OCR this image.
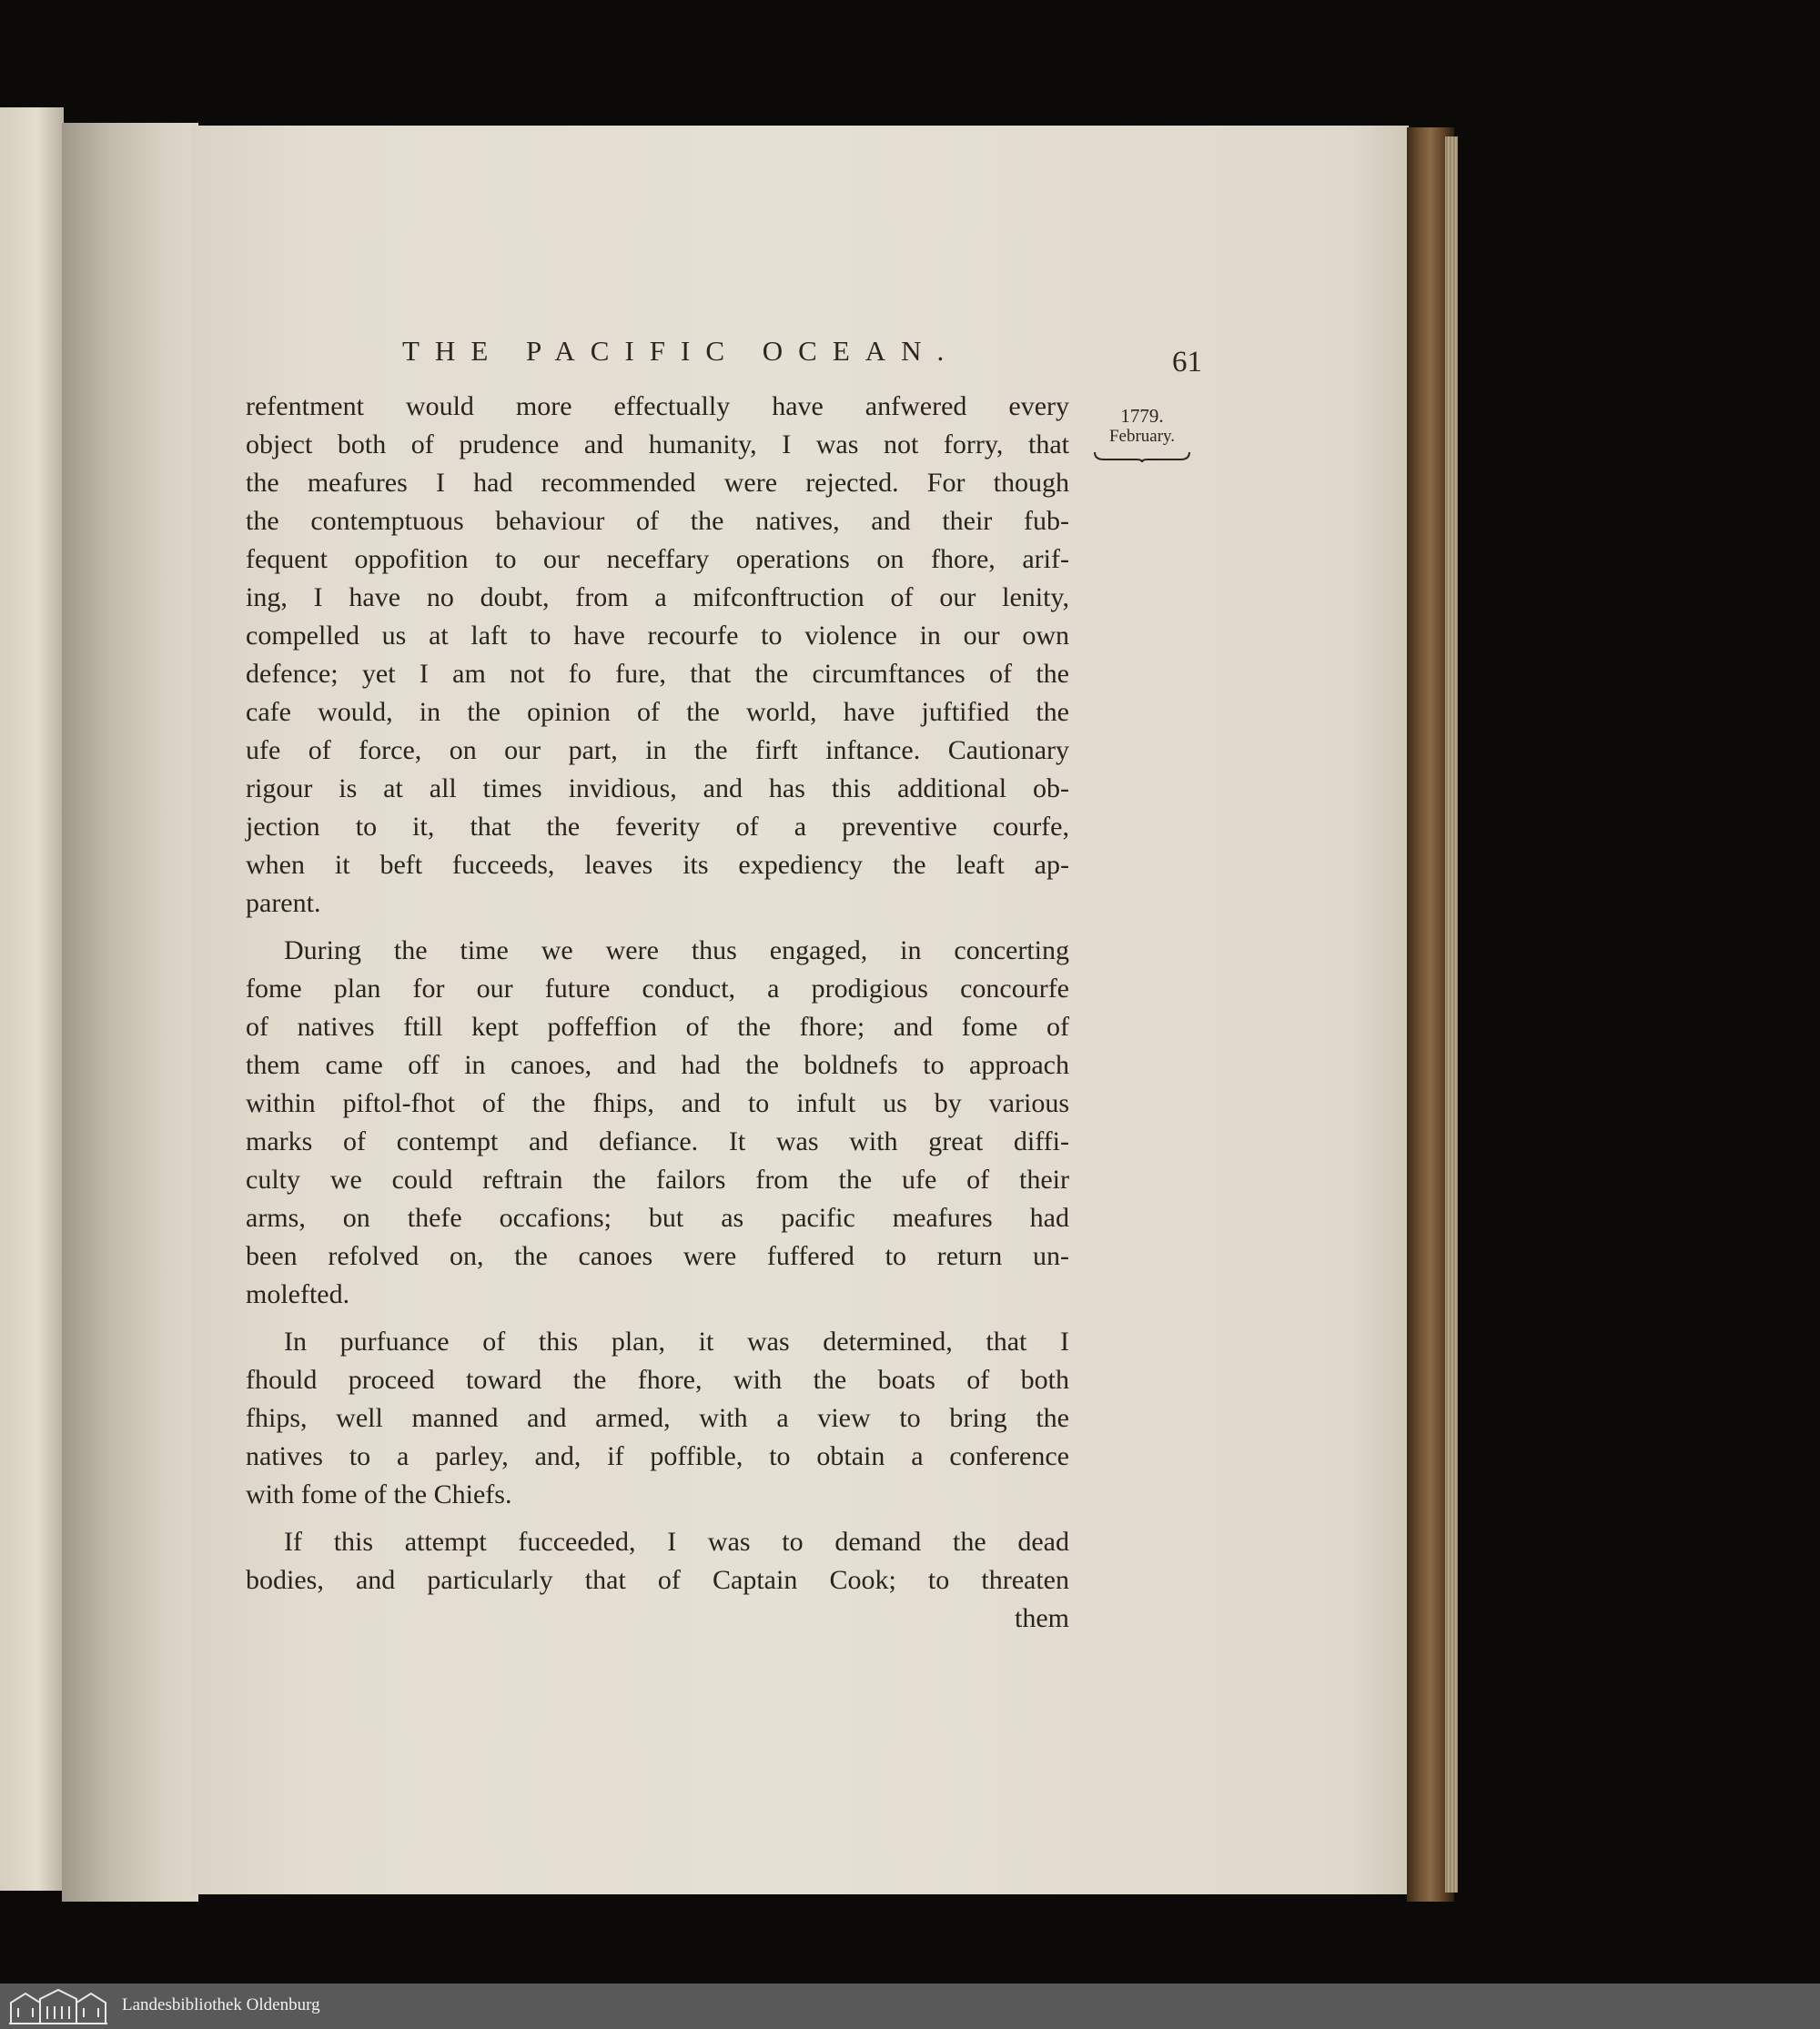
THE PACIFIC OCEAN.	61
1779.
February.
refentment would more effectually have anfwered every
object both of prudence and humanity, I was not forry, that
the meafures I had recommended were rejected. For though
the contemptuous behaviour of the natives, and their fub-
fequent oppofition to our neceffary operations on fhore, arif-
ing, I have no doubt, from a mifconftruction of our lenity,
compelled us at laft to have recourfe to violence in our own
defence; yet I am not fo fure, that the circumftances of the
cafe would, in the opinion of the world, have juftified the
ufe of force, on our part, in the firft inftance. Cautionary
rigour is at all times invidious, and has this additional ob-
jection to it, that the feverity of a preventive courfe,
when it beft fucceeds, leaves its expediency the leaft ap-
parent.
During the time we were thus engaged, in concerting
fome plan for our future conduct, a prodigious concourfe
of natives ftill kept poffeffion of the fhore; and fome of
them came off in canoes, and had the boldnefs to approach
within piftol-fhot of the fhips, and to infult us by various
marks of contempt and defiance. It was with great diffi-
culty we could reftrain the failors from the ufe of their
arms, on thefe occafions; but as pacific meafures had
been refolved on, the canoes were fuffered to return un-
molefted.
In purfuance of this plan, it was determined, that I
fhould proceed toward the fhore, with the boats of both
fhips, well manned and armed, with a view to bring the
natives to a parley, and, if poffible, to obtain a conference
with fome of the Chiefs.
If this attempt fucceeded, I was to demand the dead
bodies, and particularly that of Captain Cook; to threaten
them
Landesbibliothek Oldenburg
